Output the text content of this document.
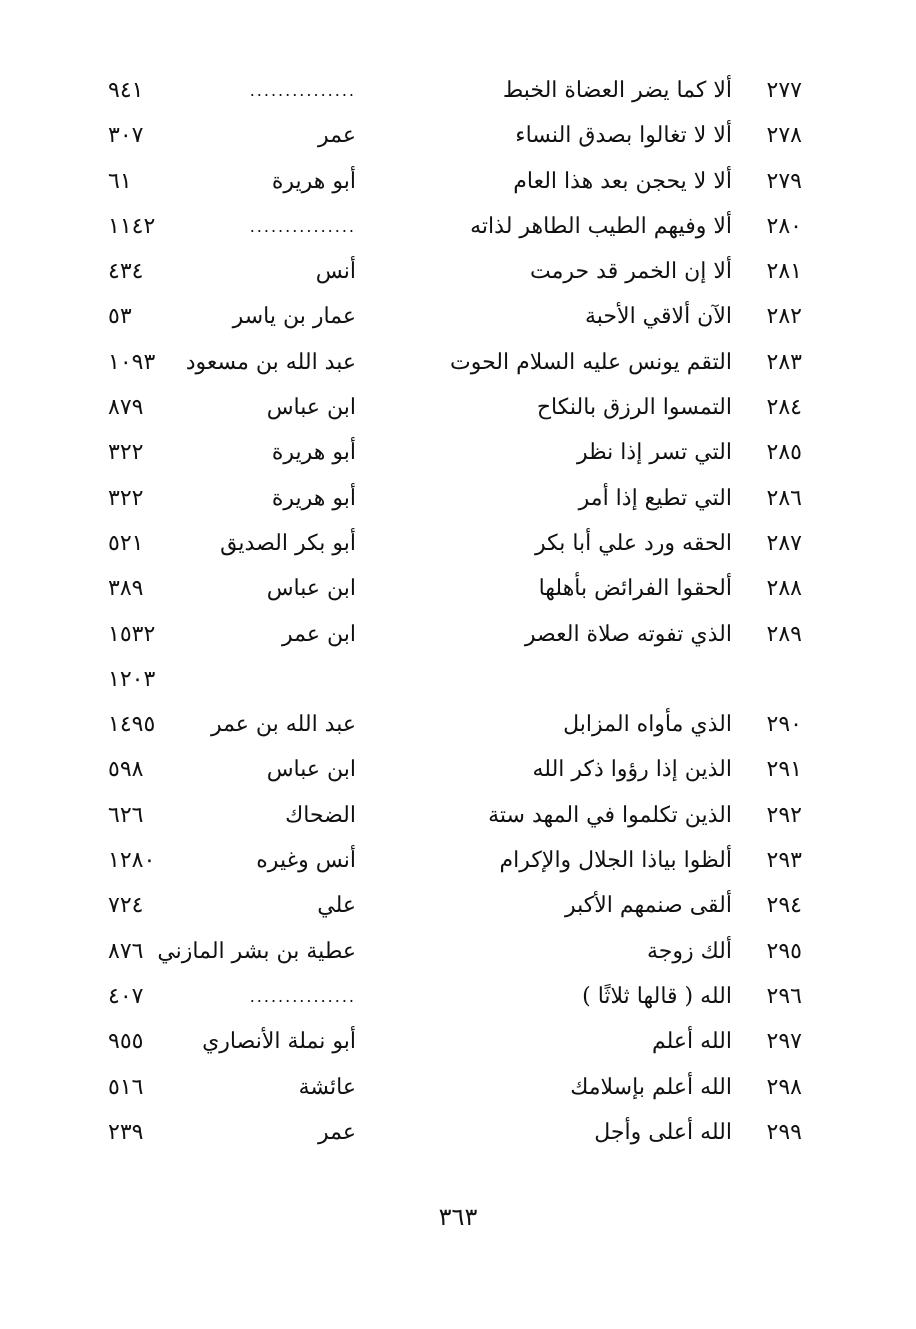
٢٧٧
ألا كما يضر العضاة الخبط
...............
٩٤١
٢٧٨
ألا لا تغالوا بصدق النساء
عمر
٣٠٧
٢٧٩
ألا لا يحجن بعد هذا العام
أبو هريرة
٦١
٢٨٠
ألا وفيهم الطيب الطاهر لذاته
...............
١١٤٢
٢٨١
ألا إن الخمر قد حرمت
أنس
٤٣٤
٢٨٢
الآن ألاقي الأحبة
عمار بن ياسر
٥٣
٢٨٣
التقم يونس عليه السلام الحوت
عبد الله بن مسعود
١٠٩٣
٢٨٤
التمسوا الرزق بالنكاح
ابن عباس
٨٧٩
٢٨٥
التي تسر إذا نظر
أبو هريرة
٣٢٢
٢٨٦
التي تطيع إذا أمر
أبو هريرة
٣٢٢
٢٨٧
الحقه ورد علي أبا بكر
أبو بكر الصديق
٥٢١
٢٨٨
ألحقوا الفرائض بأهلها
ابن عباس
٣٨٩
٢٨٩
الذي تفوته صلاة العصر
ابن عمر
١٥٣٢
١٢٠٣
٢٩٠
الذي مأواه المزابل
عبد الله بن عمر
١٤٩٥
٢٩١
الذين إذا رؤوا ذكر الله
ابن عباس
٥٩٨
٢٩٢
الذين تكلموا في المهد ستة
الضحاك
٦٢٦
٢٩٣
ألظوا بياذا الجلال والإكرام
أنس وغيره
١٢٨٠
٢٩٤
ألقى صنمهم الأكبر
علي
٧٢٤
٢٩٥
ألك زوجة
عطية بن بشر المازني
٨٧٦
٢٩٦
الله ( قالها ثلاثًا )
...............
٤٠٧
٢٩٧
الله أعلم
أبو نملة الأنصاري
٩٥٥
٢٩٨
الله أعلم بإسلامك
عائشة
٥١٦
٢٩٩
الله أعلى وأجل
عمر
٢٣٩
٣٦٣
